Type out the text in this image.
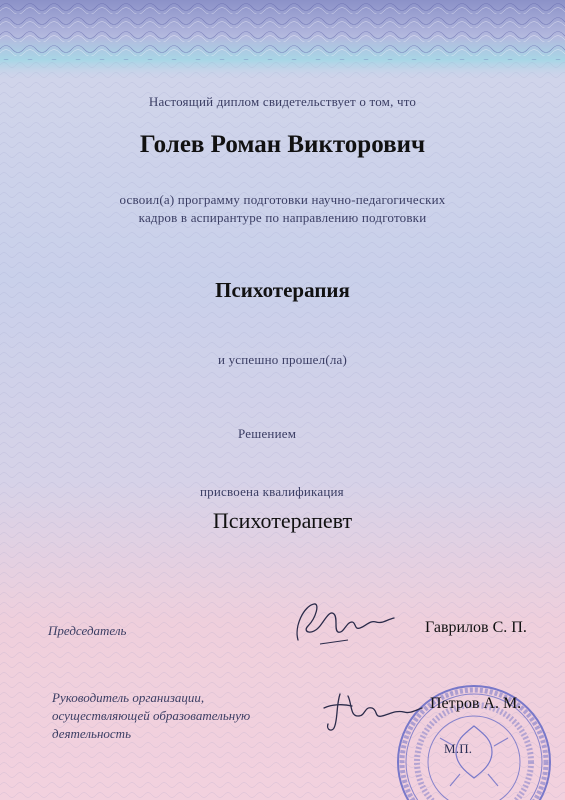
Настоящий диплом свидетельствует о том, что
Голев Роман Викторович
освоил(а) программу подготовки научно-педагогических
кадров в аспирантуре по направлению подготовки
Психотерапия
и успешно прошел(ла)
Решением
присвоена квалификация
Психотерапевт
Председатель	Гаврилов С. П.
Руководитель организации,
осуществляющей образовательную
деятельность
Петров А. М.
М.П.
